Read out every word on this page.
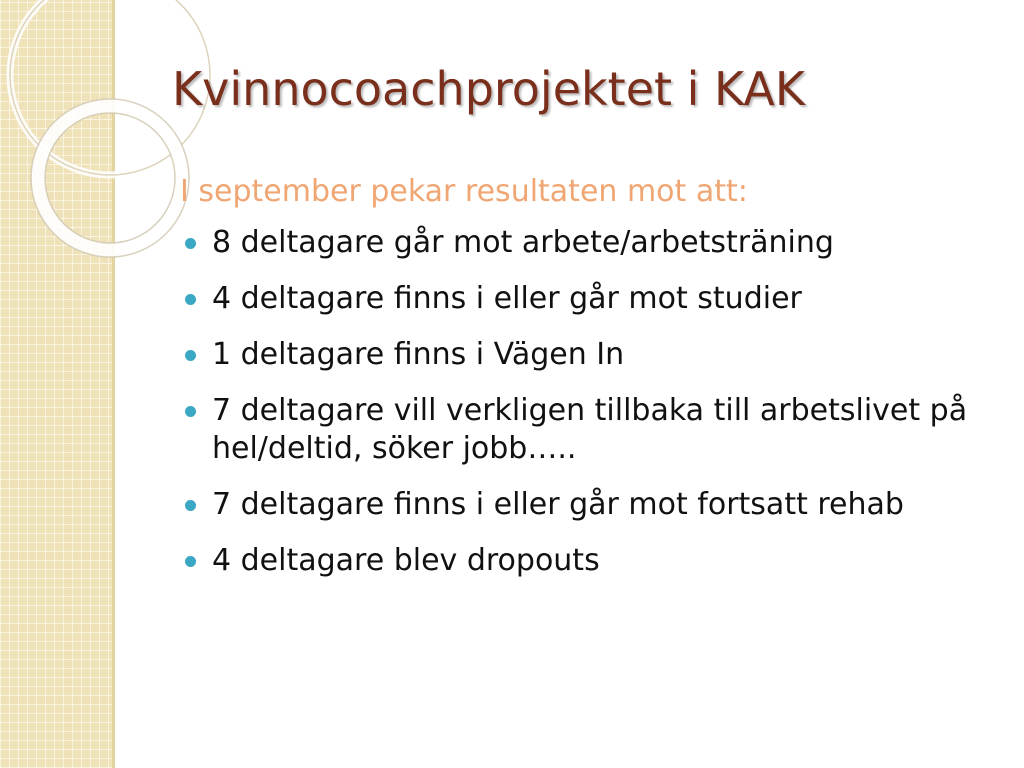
Kvinnocoachprojektet i KAK

I september pekar resultaten mot att:

8 deltagare går mot arbete/arbetsträning
4 deltagare finns i eller går mot studier
1 deltagare finns i Vägen In
7 deltagare vill verkligen tillbaka till arbetslivet på hel/deltid, söker jobb…..
7 deltagare finns i eller går mot fortsatt rehab
4 deltagare blev dropouts
